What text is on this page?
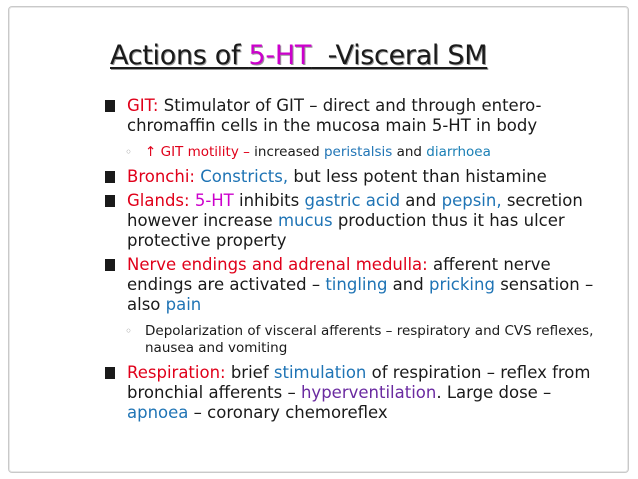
Actions of 5-HT  -Visceral SM
GIT: Stimulator of GIT – direct and through entero-chromaffin cells in the mucosa main 5-HT in body
◦ ↑ GIT motility – increased peristalsis and diarrhoea
Bronchi: Constricts, but less potent than histamine
Glands: 5-HT inhibits gastric acid and pepsin, secretion however increase mucus production thus it has ulcer protective property
Nerve endings and adrenal medulla: afferent nerve endings are activated – tingling and pricking sensation – also pain
◦ Depolarization of visceral afferents – respiratory and CVS reflexes, nausea and vomiting
Respiration: brief stimulation of respiration – reflex from bronchial afferents – hyperventilation. Large dose – apnoea – coronary chemoreflex
